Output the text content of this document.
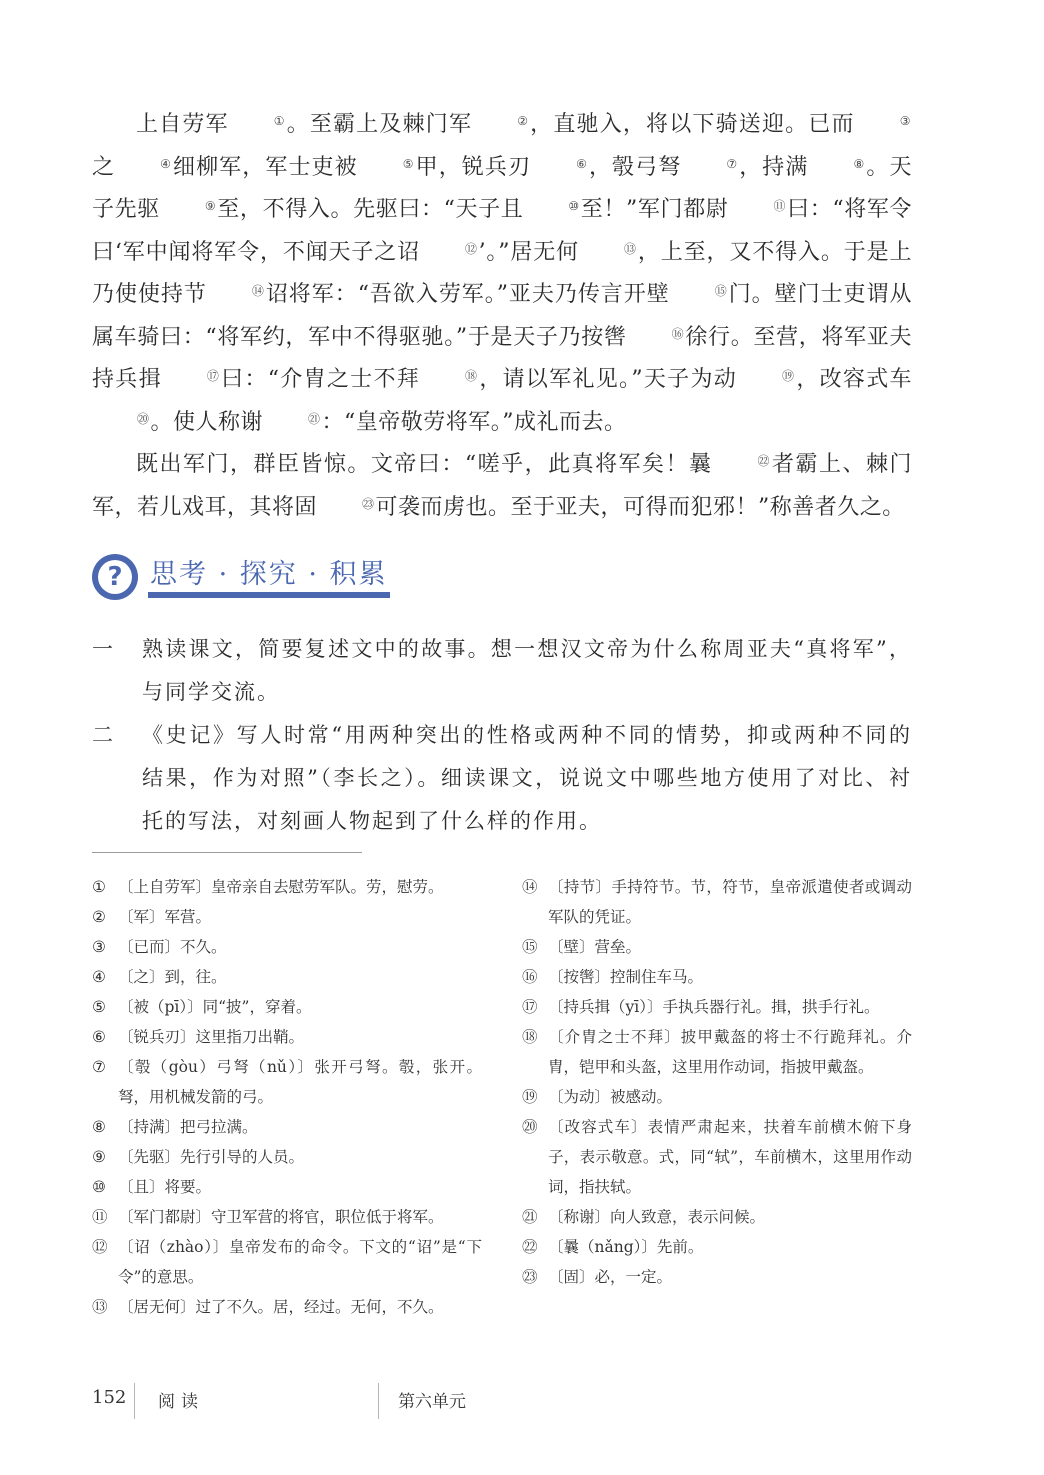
上自劳军	①。至霸上及棘门军	②，直驰入，将以下骑送迎。已而	③之	④细柳军，军士吏被	⑤甲，锐兵刃	⑥，彀弓弩	⑦，持满	⑧。天子先驱	⑨至，不得入。先驱曰：“天子且	⑩至！”军门都尉	⑪曰：“将军令曰‘军中闻将军令，不闻天子之诏	⑫’。”居无何	⑬，上至，又不得入。于是上乃使使持节	⑭诏将军：“吾欲入劳军。”亚夫乃传言开壁	⑮门。壁门士吏谓从属车骑曰：“将军约，军中不得驱驰。”于是天子乃按辔	⑯徐行。至营，将军亚夫持兵揖	⑰曰：“介胄之士不拜	⑱，请以军礼见。”天子为动	⑲，改容式车⑳。使人称谢	㉑：“皇帝敬劳将军。”成礼而去。

既出军门，群臣皆惊。文帝曰：“嗟乎，此真将军矣！曩	㉒者霸上、棘门军，若儿戏耳，其将固	㉓可袭而虏也。至于亚夫，可得而犯邪！”称善者久之。

?	思考 · 探究 · 积累
一	熟读课文，简要复述文中的故事。想一想汉文帝为什么称周亚夫“真将军”，与同学交流。
二	《史记》写人时常“用两种突出的性格或两种不同的情势，抑或两种不同的结果，作为对照”（李长之）。细读课文，说说文中哪些地方使用了对比、衬托的写法，对刻画人物起到了什么样的作用。
① 〔上自劳军〕皇帝亲自去慰劳军队。劳，慰劳。
② 〔军〕军营。
③ 〔已而〕不久。
④ 〔之〕到，往。
⑤ 〔被（pī）〕同“披”，穿着。
⑥ 〔锐兵刃〕这里指刀出鞘。
⑦ 〔彀（gòu）弓弩（nǔ）〕张开弓弩。彀，张开。弩，用机械发箭的弓。
⑧ 〔持满〕把弓拉满。
⑨ 〔先驱〕先行引导的人员。
⑩ 〔且〕将要。
⑪ 〔军门都尉〕守卫军营的将官，职位低于将军。
⑫ 〔诏（zhào）〕皇帝发布的命令。下文的“诏”是“下令”的意思。
⑬ 〔居无何〕过了不久。居，经过。无何，不久。
⑭ 〔持节〕手持符节。节，符节，皇帝派遣使者或调动军队的凭证。
⑮ 〔壁〕营垒。
⑯ 〔按辔〕控制住车马。
⑰ 〔持兵揖（yī）〕手执兵器行礼。揖，拱手行礼。
⑱ 〔介胄之士不拜〕披甲戴盔的将士不行跪拜礼。介胄，铠甲和头盔，这里用作动词，指披甲戴盔。
⑲ 〔为动〕被感动。
⑳ 〔改容式车〕表情严肃起来，扶着车前横木俯下身子，表示敬意。式，同“轼”，车前横木，这里用作动词，指扶轼。
㉑ 〔称谢〕向人致意，表示问候。
㉒ 〔曩（nǎng）〕先前。
㉓ 〔固〕必，一定。
152 阅读	第六单元
